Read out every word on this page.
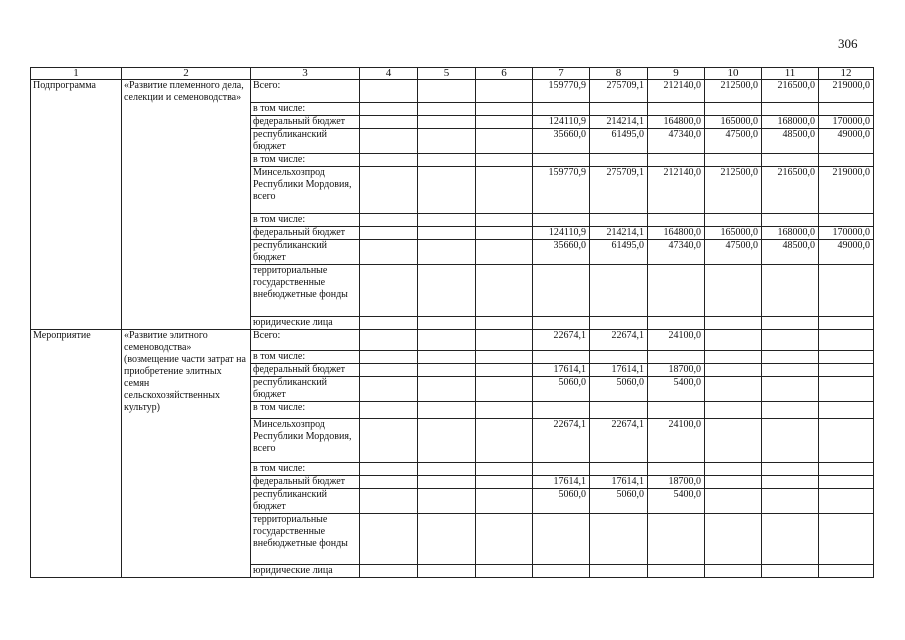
306
1	2	3	4	5	6	7	8	9	10	11	12
Подпрограмма	«Развитие племенного дела, селекции и семеноводства»	Всего:				159770,9	275709,1	212140,0	212500,0	216500,0	219000,0
		в том числе:									
		федеральный бюджет				124110,9	214214,1	164800,0	165000,0	168000,0	170000,0
		республиканский бюджет				35660,0	61495,0	47340,0	47500,0	48500,0	49000,0
		в том числе:									
		Минсельхозпрод Республики Мордовия, всего				159770,9	275709,1	212140,0	212500,0	216500,0	219000,0
		в том числе:									
		федеральный бюджет				124110,9	214214,1	164800,0	165000,0	168000,0	170000,0
		республиканский бюджет				35660,0	61495,0	47340,0	47500,0	48500,0	49000,0
		территориальные государственные внебюджетные фонды									
		юридические лица									
Мероприятие	«Развитие элитного семеноводства» (возмещение части затрат на приобретение элитных семян сельскохозяйственных культур)	Всего:				22674,1	22674,1	24100,0			
		в том числе:									
		федеральный бюджет				17614,1	17614,1	18700,0			
		республиканский бюджет				5060,0	5060,0	5400,0			
		в том числе:									
		Минсельхозпрод Республики Мордовия, всего				22674,1	22674,1	24100,0			
		в том числе:									
		федеральный бюджет				17614,1	17614,1	18700,0			
		республиканский бюджет				5060,0	5060,0	5400,0			
		территориальные государственные внебюджетные фонды									
		юридические лица									
